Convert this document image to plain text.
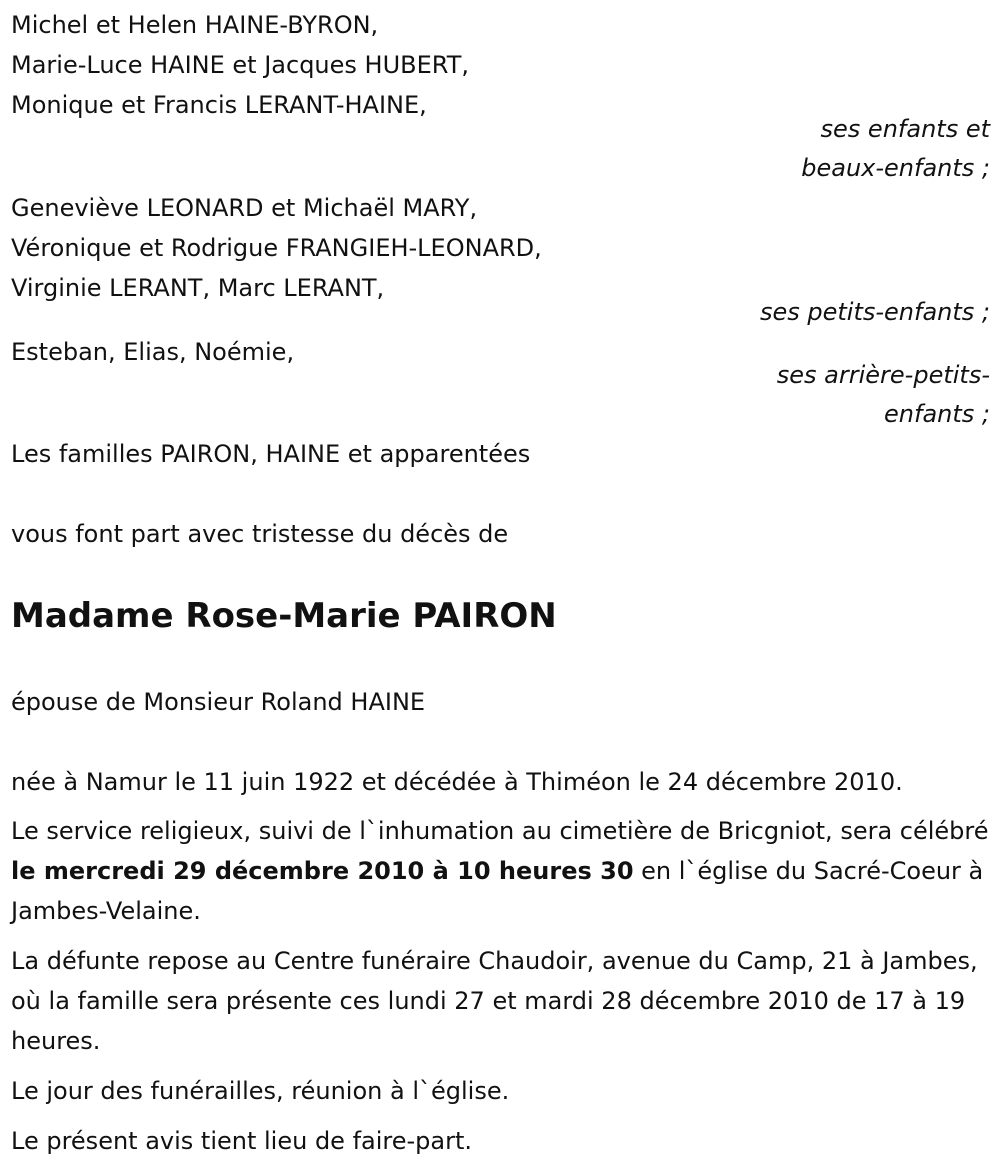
Michel et Helen HAINE-BYRON,
Marie-Luce HAINE et Jacques HUBERT,
Monique et Francis LERANT-HAINE,
ses enfants et
beaux-enfants ;
Geneviève LEONARD et Michaël MARY,
Véronique et Rodrigue FRANGIEH-LEONARD,
Virginie LERANT, Marc LERANT,
ses petits-enfants ;
Esteban, Elias, Noémie,
ses arrière-petits-
enfants ;
Les familles PAIRON, HAINE et apparentées
vous font part avec tristesse du décès de
Madame Rose-Marie PAIRON
épouse de Monsieur Roland HAINE
née à Namur le 11 juin 1922 et décédée à Thiméon le 24 décembre 2010.
Le service religieux, suivi de l`inhumation au cimetière de Bricgniot, sera célébré le mercredi 29 décembre 2010 à 10 heures 30 en l`église du Sacré-Coeur à Jambes-Velaine.
La défunte repose au Centre funéraire Chaudoir, avenue du Camp, 21 à Jambes, où la famille sera présente ces lundi 27 et mardi 28 décembre 2010 de 17 à 19 heures.
Le jour des funérailles, réunion à l`église.
Le présent avis tient lieu de faire-part.
